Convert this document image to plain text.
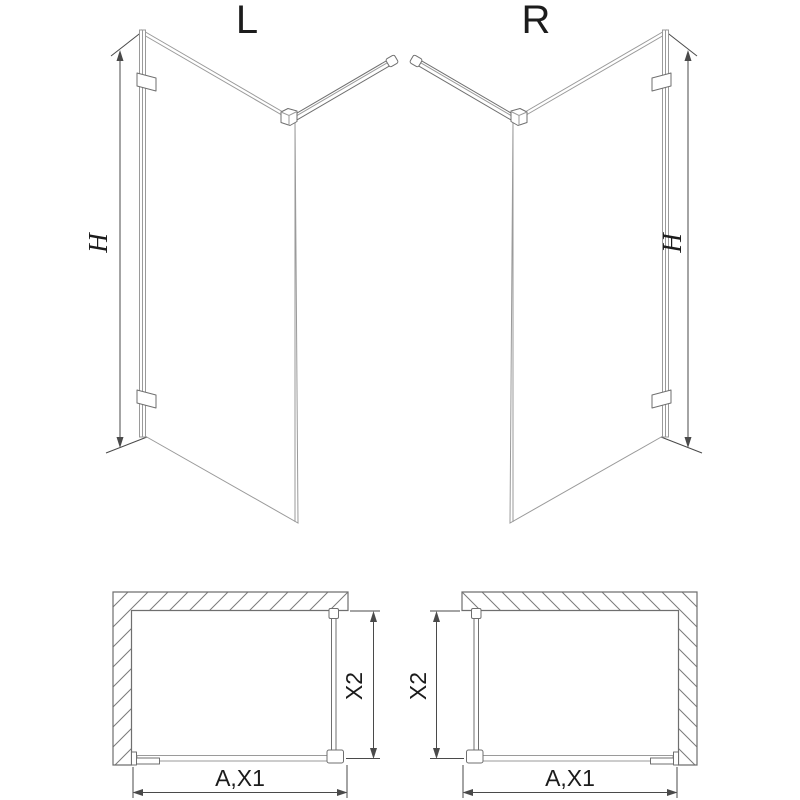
L	R
H	H
X2 X2
A,X1	A,X1
